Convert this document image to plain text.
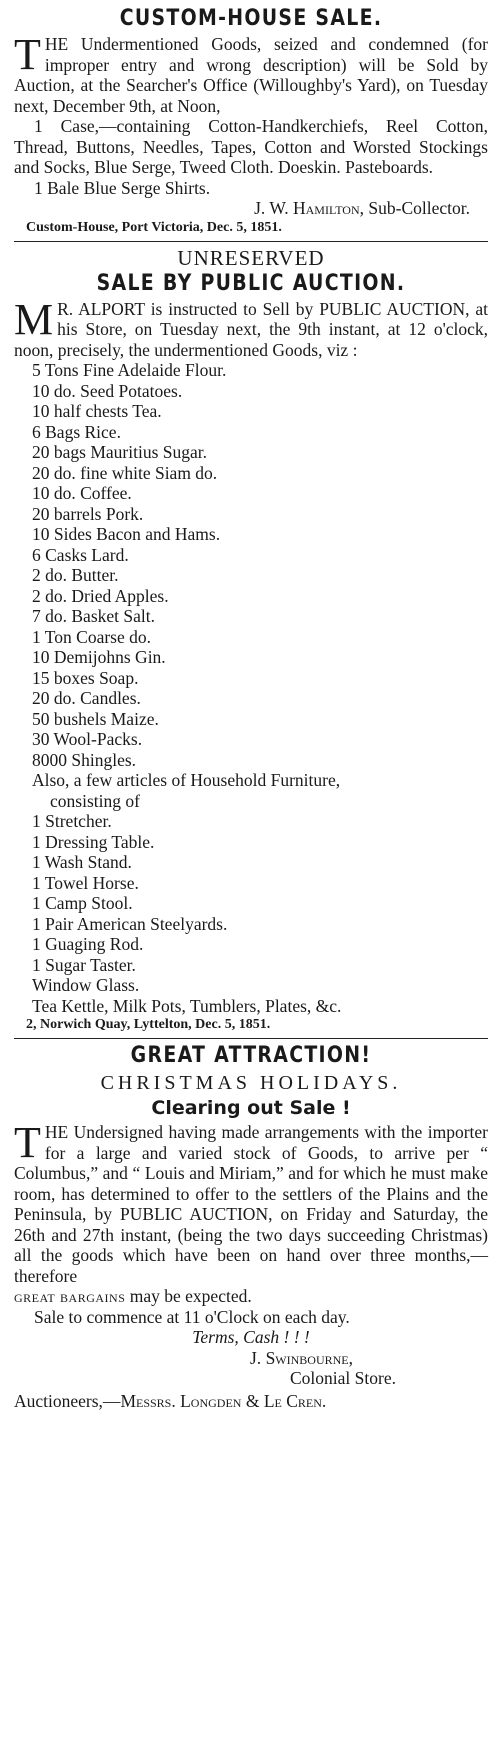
CUSTOM-HOUSE SALE.

THE Undermentioned Goods, seized and condemned (for improper entry and wrong description) will be Sold by Auction, at the Searcher's Office (Willoughby's Yard), on Tuesday next, December 9th, at Noon,

1 Case,—containing Cotton-Handkerchiefs, Reel Cotton, Thread, Buttons, Needles, Tapes, Cotton and Worsted Stockings and Socks, Blue Serge, Tweed Cloth. Doeskin. Pasteboards.

1 Bale Blue Serge Shirts.

J. W. Hamilton, Sub-Collector.

Custom-House, Port Victoria, Dec. 5, 1851.

UNRESERVED
SALE BY PUBLIC AUCTION.

M R. ALPORT is instructed to Sell by PUBLIC AUCTION, at his Store, on Tuesday next, the 9th instant, at 12 o'clock, noon, precisely, the undermentioned Goods, viz :

5 Tons Fine Adelaide Flour.

10 do. Seed Potatoes.

10 half chests Tea.

6 Bags Rice.

20 bags Mauritius Sugar.

20 do. fine white Siam do.

10 do. Coffee.

20 barrels Pork.

10 Sides Bacon and Hams.

6 Casks Lard.

2 do. Butter.

2 do. Dried Apples.

7 do. Basket Salt.

1 Ton Coarse do.

10 Demijohns Gin.

15 boxes Soap.

20 do. Candles.

50 bushels Maize.

30 Wool-Packs.

8000 Shingles.

Also, a few articles of Household Furniture,

consisting of

1 Stretcher.

1 Dressing Table.

1 Wash Stand.

1 Towel Horse.

1 Camp Stool.

1 Pair American Steelyards.

1 Guaging Rod.

1 Sugar Taster.

Window Glass.

Tea Kettle, Milk Pots, Tumblers, Plates, &c.

2, Norwich Quay, Lyttelton, Dec. 5, 1851.

GREAT ATTRACTION!
CHRISTMAS HOLIDAYS.
Clearing out Sale !

THE Undersigned having made arrangements with the importer for a large and varied stock of Goods, to arrive per “ Columbus,” and “ Louis and Miriam,” and for which he must make room, has determined to offer to the settlers of the Plains and the Peninsula, by PUBLIC AUCTION, on Friday and Saturday, the 26th and 27th instant, (being the two days succeeding Christmas) all the goods which have been on hand over three months,— therefore

great bargains may be expected.

Sale to commence at 11 o'Clock on each day.

Terms, Cash ! ! !

J. Swinbourne,

Colonial Store.

Auctioneers,—Messrs. Longden & Le Cren.
